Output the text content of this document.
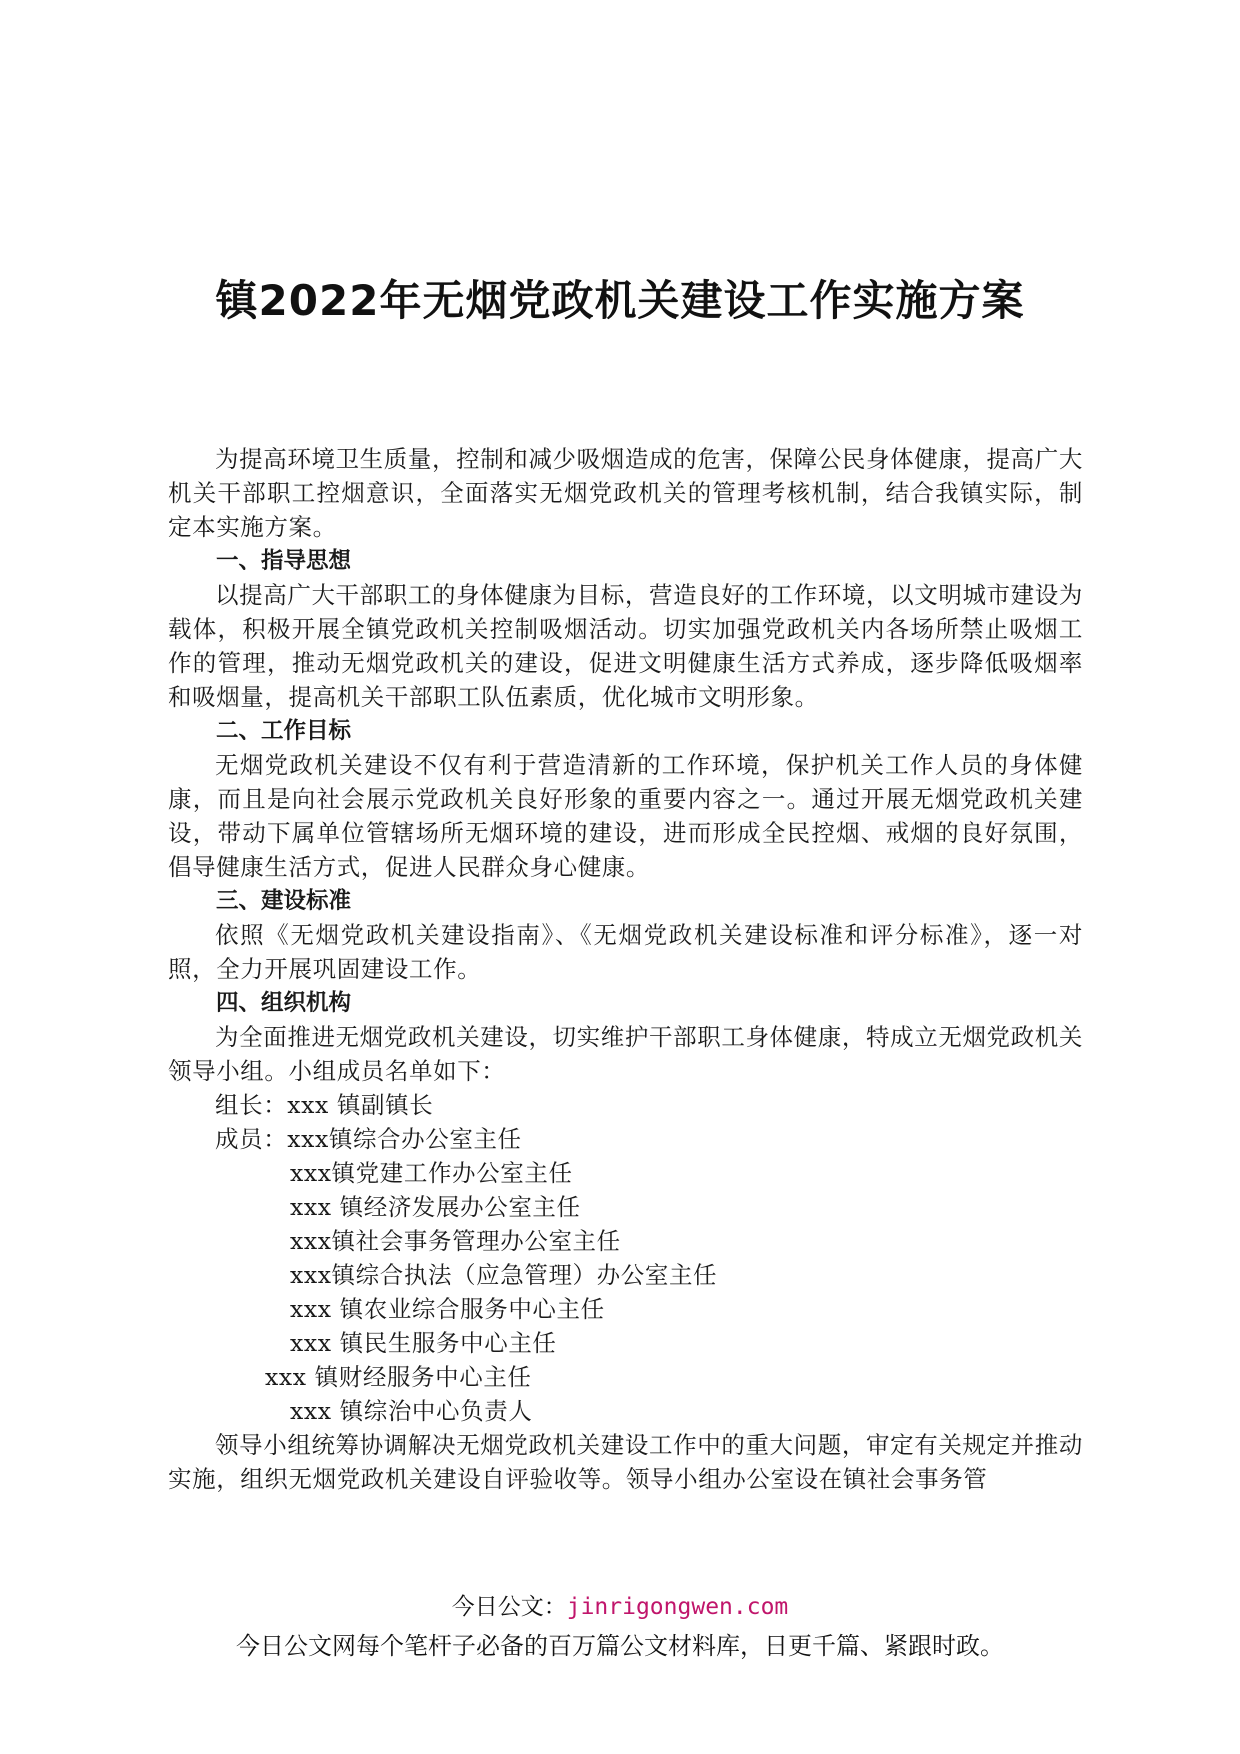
镇2022年无烟党政机关建设工作实施方案

为提高环境卫生质量，控制和减少吸烟造成的危害，保障公民身体健康，提高广大机关干部职工控烟意识，全面落实无烟党政机关的管理考核机制，结合我镇实际，制定本实施方案。

一、指导思想

以提高广大干部职工的身体健康为目标，营造良好的工作环境，以文明城市建设为载体，积极开展全镇党政机关控制吸烟活动。切实加强党政机关内各场所禁止吸烟工作的管理，推动无烟党政机关的建设，促进文明健康生活方式养成，逐步降低吸烟率和吸烟量，提高机关干部职工队伍素质，优化城市文明形象。

二、工作目标

无烟党政机关建设不仅有利于营造清新的工作环境，保护机关工作人员的身体健康，而且是向社会展示党政机关良好形象的重要内容之一。通过开展无烟党政机关建设，带动下属单位管辖场所无烟环境的建设，进而形成全民控烟、戒烟的良好氛围，倡导健康生活方式，促进人民群众身心健康。

三、建设标准

依照《无烟党政机关建设指南》、《无烟党政机关建设标准和评分标准》，逐一对照，全力开展巩固建设工作。

四、组织机构

为全面推进无烟党政机关建设，切实维护干部职工身体健康，特成立无烟党政机关领导小组。小组成员名单如下：

组长：xxx 镇副镇长

成员：xxx镇综合办公室主任

xxx镇党建工作办公室主任

xxx 镇经济发展办公室主任

xxx镇社会事务管理办公室主任

xxx镇综合执法（应急管理）办公室主任

xxx 镇农业综合服务中心主任

xxx 镇民生服务中心主任

xxx 镇财经服务中心主任

xxx 镇综治中心负责人

领导小组统筹协调解决无烟党政机关建设工作中的重大问题，审定有关规定并推动实施，组织无烟党政机关建设自评验收等。领导小组办公室设在镇社会事务管

今日公文：jinrigongwen.com
今日公文网每个笔杆子必备的百万篇公文材料库，日更千篇、紧跟时政。
